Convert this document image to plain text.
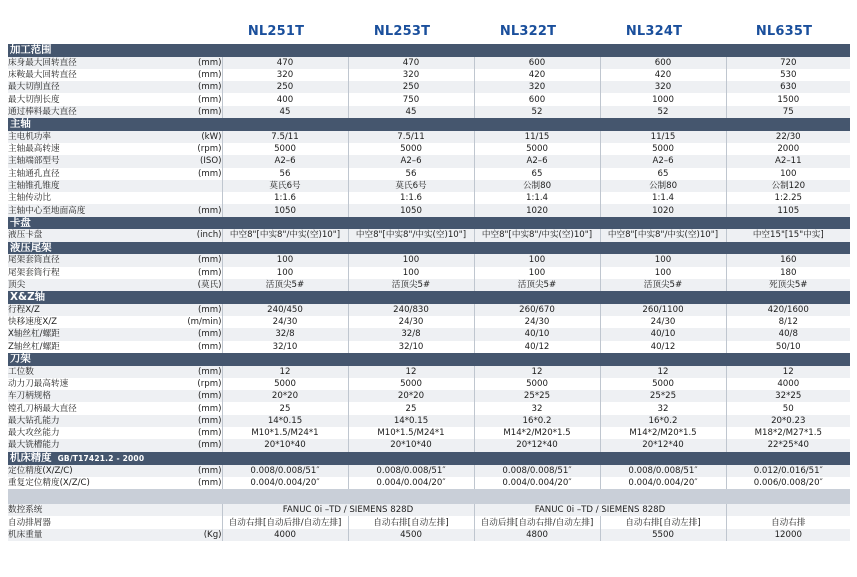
NL251T	NL253T	NL322T	NL324T	NL635T
加工范围						
床身最大回转直径	(mm)	470	470	600	600	720
床鞍最大回转直径	(mm)	320	320	420	420	530
最大切削直径	(mm)	250	250	320	320	630
最大切削长度	(mm)	400	750	600	1000	1500
通过棒料最大直径	(mm)	45	45	52	52	75
主轴						
主电机功率	(kW)	7.5/11	7.5/11	11/15	11/15	22/30
主轴最高转速	(rpm)	5000	5000	5000	5000	2000
主轴端部型号	(ISO)	A2–6	A2–6	A2–6	A2–6	A2–11
主轴通孔直径	(mm)	56	56	65	65	100
主轴锥孔锥度		莫氏6号	莫氏6号	公制80	公制80	公制120
主轴传动比		1:1.6	1:1.6	1:1.4	1:1.4	1:2.25
主轴中心至地面高度	(mm)	1050	1050	1020	1020	1105
卡盘						
液压卡盘	(inch)	中空8"[中实8"/中实(空)10"]	中空8"[中实8"/中实(空)10"]	中空8"[中实8"/中实(空)10"]	中空8"[中实8"/中实(空)10"]	中空15"[15"中实]
液压尾架						
尾架套筒直径	(mm)	100	100	100	100	160
尾架套筒行程	(mm)	100	100	100	100	180
顶尖	(莫氏)	活顶尖5#	活顶尖5#	活顶尖5#	活顶尖5#	死顶尖5#
X&Z轴						
行程X/Z	(mm)	240/450	240/830	260/670	260/1100	420/1600
快移速度X/Z	(m/min)	24/30	24/30	24/30	24/30	8/12
X轴丝杠/螺距	(mm)	32/8	32/8	40/10	40/10	40/8
Z轴丝杠/螺距	(mm)	32/10	32/10	40/12	40/12	50/10
刀架						
工位数	(mm)	12	12	12	12	12
动力刀最高转速	(rpm)	5000	5000	5000	5000	4000
车刀柄规格	(mm)	20*20	20*20	25*25	25*25	32*25
镗孔刀柄最大直径	(mm)	25	25	32	32	50
最大钻孔能力	(mm)	14*0.15	14*0.15	16*0.2	16*0.2	20*0.23
最大攻丝能力	(mm)	M10*1.5/M24*1	M10*1.5/M24*1	M14*2/M20*1.5	M14*2/M20*1.5	M18*2/M27*1.5
最大铣槽能力	(mm)	20*10*40	20*10*40	20*12*40	20*12*40	22*25*40
机床精度 GB/T17421.2 - 2000						
定位精度(X/Z/C)	(mm)	0.008/0.008/51″	0.008/0.008/51″	0.008/0.008/51″	0.008/0.008/51″	0.012/0.016/51″
重复定位精度(X/Z/C)	(mm)	0.004/0.004/20″	0.004/0.004/20″	0.004/0.004/20″	0.004/0.004/20″	0.006/0.008/20″

数控系统		FANUC 0i –TD / SIEMENS 828D		FANUC 0i –TD / SIEMENS 828D		
自动排屑器		自动右排[自动后排/自动左排]	自动右排[自动左排]	自动后排[自动右排/自动左排]	自动右排[自动左排]	自动右排
机床重量	(Kg)	4000	4500	4800	5500	12000
